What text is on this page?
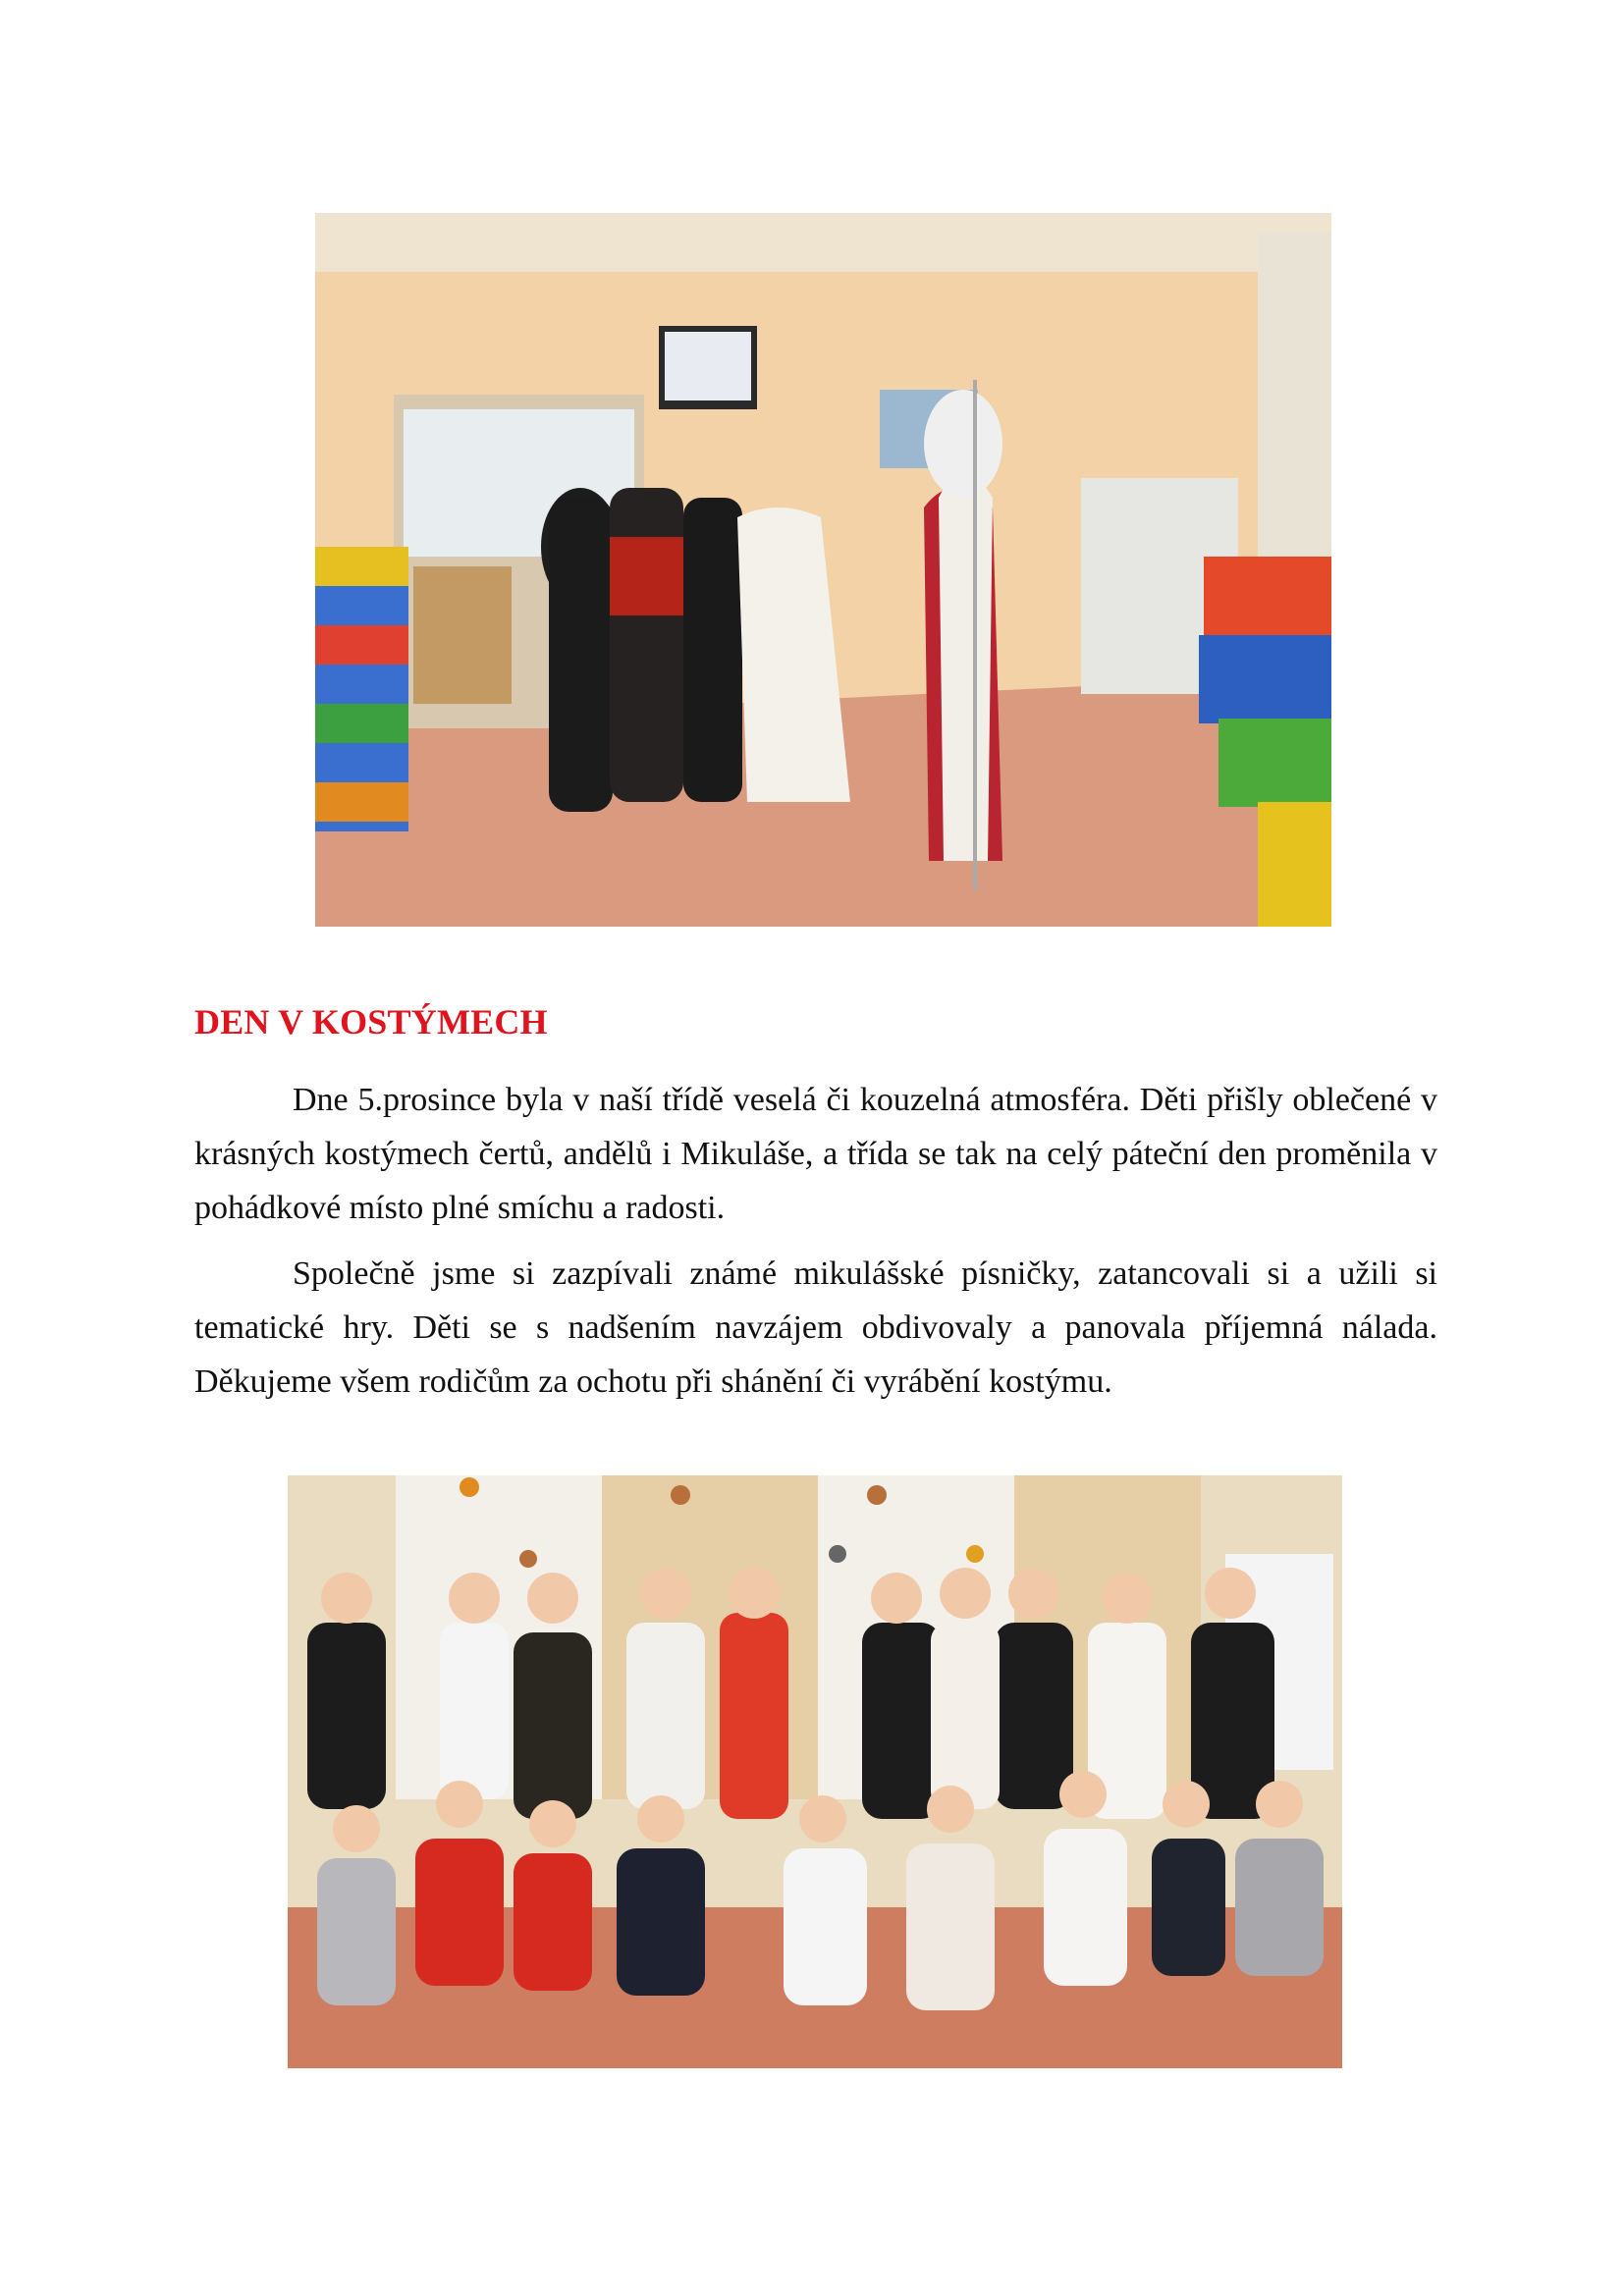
DEN V KOSTÝMECH

Dne 5.prosince byla v naší třídě veselá či kouzelná atmosféra. Děti přišly oblečené v krásných kostýmech čertů, andělů i Mikuláše, a třída se tak na celý páteční den proměnila v pohádkové místo plné smíchu a radosti.

Společně jsme si zazpívali známé mikulášské písničky, zatancovali si a užili si tematické hry. Děti se s nadšením navzájem obdivovaly a panovala příjemná nálada. Děkujeme všem rodičům za ochotu při shánění či vyrábění kostýmu.
